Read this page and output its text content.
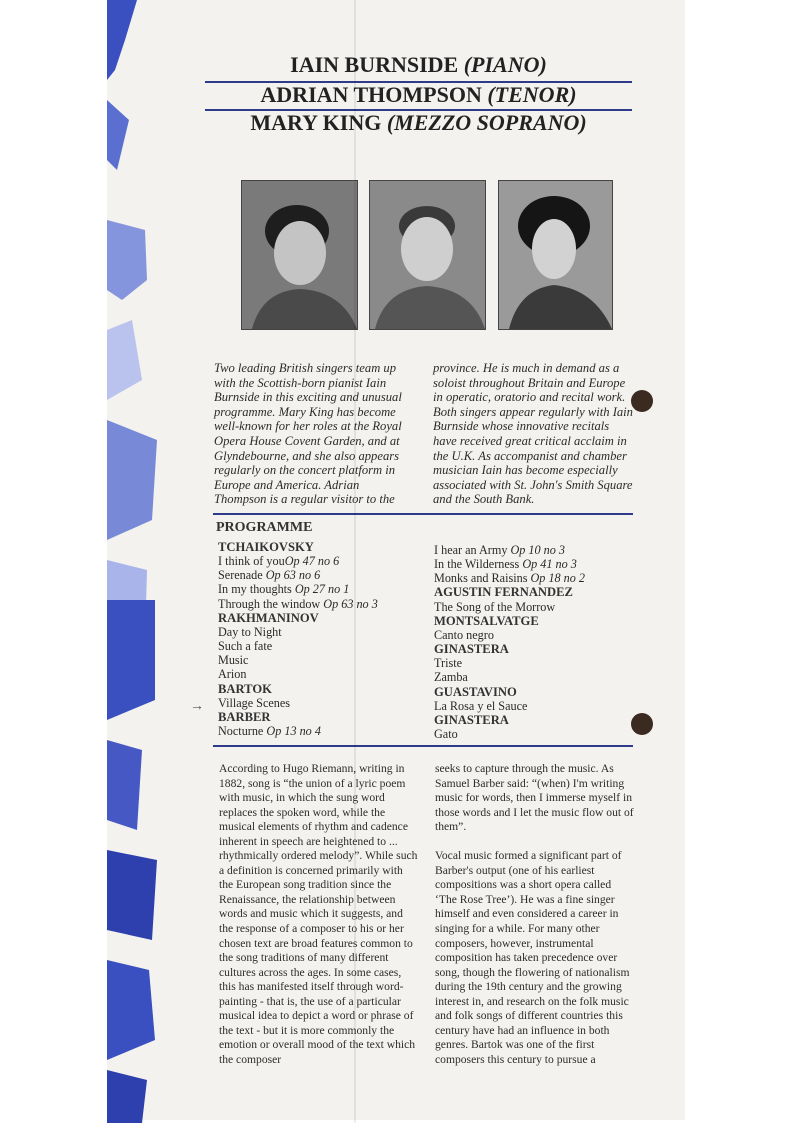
IAIN BURNSIDE (PIANO)
ADRIAN THOMPSON (TENOR)
MARY KING (MEZZO SOPRANO)
Two leading British singers team up with the Scottish-born pianist Iain Burnside in this exciting and unusual programme. Mary King has become well-known for her roles at the Royal Opera House Covent Garden, and at Glyndebourne, and she also appears regularly on the concert platform in Europe and America. Adrian Thompson is a regular visitor to the
province. He is much in demand as a soloist throughout Britain and Europe in operatic, oratorio and recital work. Both singers appear regularly with Iain Burnside whose innovative recitals have received great critical acclaim in the U.K. As accompanist and chamber musician Iain has become especially associated with St. John's Smith Square and the South Bank.
PROGRAMME
TCHAIKOVSKY
I think of youOp 47 no 6
Serenade Op 63 no 6
In my thoughts Op 27 no 1
Through the window Op 63 no 3
RAKHMANINOV
Day to Night
Such a fate
Music
Arion
BARTOK
Village Scenes
BARBER
Nocturne Op 13 no 4
I hear an Army Op 10 no 3
In the Wilderness Op 41 no 3
Monks and Raisins Op 18 no 2
AGUSTIN FERNANDEZ
The Song of the Morrow
MONTSALVATGE
Canto negro
GINASTERA
Triste
Zamba
GUASTAVINO
La Rosa y el Sauce
GINASTERA
Gato
→

According to Hugo Riemann, writing in 1882, song is “the union of a lyric poem with music, in which the sung word replaces the spoken word, while the musical elements of rhythm and cadence inherent in speech are heightened to ... rhythmically ordered melody”. While such a definition is concerned primarily with the European song tradition since the Renaissance, the relationship between words and music which it suggests, and the response of a composer to his or her chosen text are broad features common to the song traditions of many different cultures across the ages. In some cases, this has manifested itself through word-painting - that is, the use of a particular musical idea to depict a word or phrase of the text - but it is more commonly the emotion or overall mood of the text which the composer

seeks to capture through the music. As Samuel Barber said: “(when) I'm writing music for words, then I immerse myself in those words and I let the music flow out of them”.

Vocal music formed a significant part of Barber's output (one of his earliest compositions was a short opera called ‘The Rose Tree’). He was a fine singer himself and even considered a career in singing for a while. For many other composers, however, instrumental composition has taken precedence over song, though the flowering of nationalism during the 19th century and the growing interest in, and research on the folk music and folk songs of different countries this century have had an influence in both genres. Bartok was one of the first composers this century to pursue a
